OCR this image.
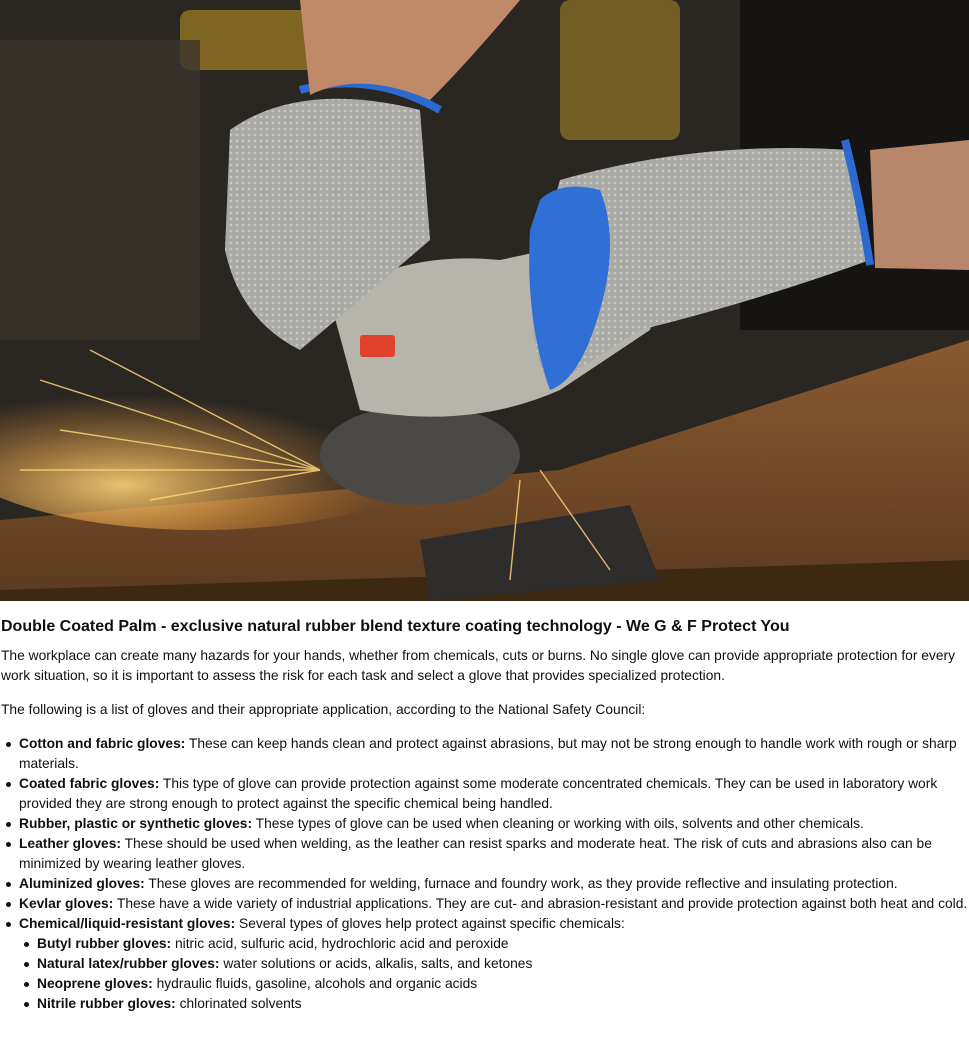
Double Coated Palm - exclusive natural rubber blend texture coating technology - We G & F Protect You

The workplace can create many hazards for your hands, whether from chemicals, cuts or burns. No single glove can provide appropriate protection for every work situation, so it is important to assess the risk for each task and select a glove that provides specialized protection.

The following is a list of gloves and their appropriate application, according to the National Safety Council:

Cotton and fabric gloves: These can keep hands clean and protect against abrasions, but may not be strong enough to handle work with rough or sharp materials.
Coated fabric gloves: This type of glove can provide protection against some moderate concentrated chemicals. They can be used in laboratory work provided they are strong enough to protect against the specific chemical being handled.
Rubber, plastic or synthetic gloves: These types of glove can be used when cleaning or working with oils, solvents and other chemicals.
Leather gloves: These should be used when welding, as the leather can resist sparks and moderate heat. The risk of cuts and abrasions also can be minimized by wearing leather gloves.
Aluminized gloves: These gloves are recommended for welding, furnace and foundry work, as they provide reflective and insulating protection.
Kevlar gloves: These have a wide variety of industrial applications. They are cut- and abrasion-resistant and provide protection against both heat and cold.
Chemical/liquid-resistant gloves: Several types of gloves help protect against specific chemicals:
Butyl rubber gloves: nitric acid, sulfuric acid, hydrochloric acid and peroxide
Natural latex/rubber gloves: water solutions or acids, alkalis, salts, and ketones
Neoprene gloves: hydraulic fluids, gasoline, alcohols and organic acids
Nitrile rubber gloves: chlorinated solvents
